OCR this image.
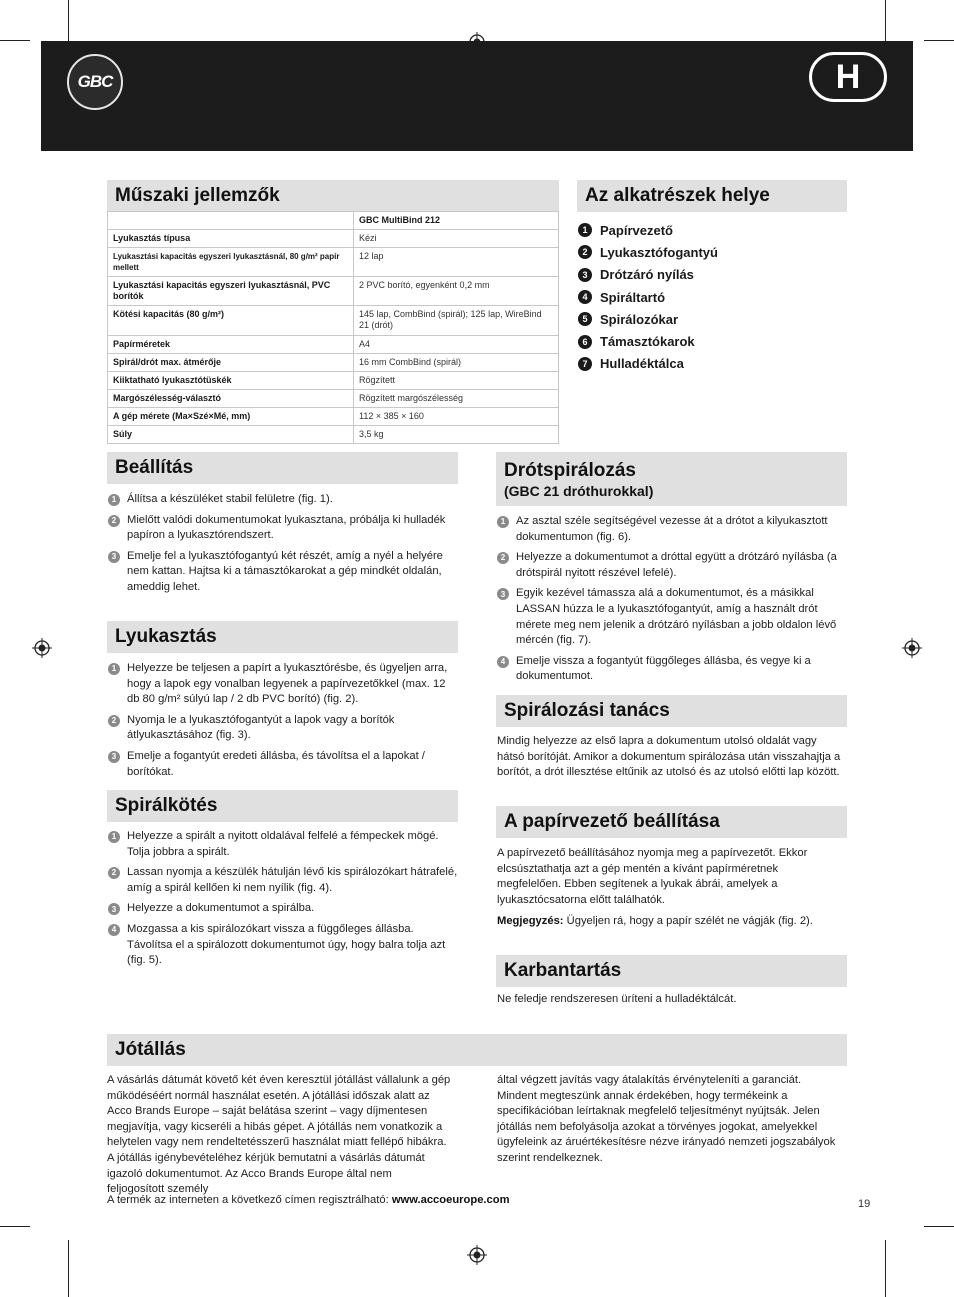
GBC	H
Műszaki jellemzők
	GBC MultiBind 212
Lyukasztás típusa	Kézi
Lyukasztási kapacitás egyszeri lyukasztásnál, 80 g/m² papír mellett	12 lap
Lyukasztási kapacitás egyszeri lyukasztásnál, PVC borítók	2 PVC borító, egyenként 0,2 mm
Kötési kapacitás (80 g/m²)	145 lap, CombBind (spirál); 125 lap, WireBind 21 (drót)
Papírméretek	A4
Spirál/drót max. átmérője	16 mm CombBind (spirál)
Kiiktatható lyukasztótüskék	Rögzített
Margószélesség-választó	Rögzített margószélesség
A gép mérete (Ma×Szé×Mé, mm)	112 × 385 × 160
Súly	3,5 kg
Az alkatrészek helye
1 Papírvezető
2 Lyukasztófogantyú
3 Drótzáró nyílás
4 Spiráltartó
5 Spirálozókar
6 Támasztókarok
7 Hulladéktálca
Beállítás
1 Állítsa a készüléket stabil felületre (fig. 1).
2 Mielőtt valódi dokumentumokat lyukasztana, próbálja ki hulladék papíron a lyukasztórendszert.
3 Emelje fel a lyukasztófogantyú két részét, amíg a nyél a helyére nem kattan. Hajtsa ki a támasztókarokat a gép mindkét oldalán, ameddig lehet.
Lyukasztás
1 Helyezze be teljesen a papírt a lyukasztórésbe, és ügyeljen arra, hogy a lapok egy vonalban legyenek a papírvezetőkkel (max. 12 db 80 g/m² súlyú lap / 2 db PVC borító) (fig. 2).
2 Nyomja le a lyukasztófogantyút a lapok vagy a borítók átlyukasztásához (fig. 3).
3 Emelje a fogantyút eredeti állásba, és távolítsa el a lapokat / borítókat.
Spirálkötés
1 Helyezze a spirált a nyitott oldalával felfelé a fémpeckek mögé. Tolja jobbra a spirált.
2 Lassan nyomja a készülék hátulján lévő kis spirálozókart hátrafelé, amíg a spirál kellően ki nem nyílik (fig. 4).
3 Helyezze a dokumentumot a spirálba.
4 Mozgassa a kis spirálozókart vissza a függőleges állásba. Távolítsa el a spirálozott dokumentumot úgy, hogy balra tolja azt (fig. 5).
Drótspirálozás
(GBC 21 dróthurokkal)
1 Az asztal széle segítségével vezesse át a drótot a kilyukasztott dokumentumon (fig. 6).
2 Helyezze a dokumentumot a dróttal együtt a drótzáró nyílásba (a drótspirál nyitott részével lefelé).
3 Egyik kezével támassza alá a dokumentumot, és a másikkal LASSAN húzza le a lyukasztófogantyút, amíg a használt drót mérete meg nem jelenik a drótzáró nyílásban a jobb oldalon lévő mércén (fig. 7).
4 Emelje vissza a fogantyút függőleges állásba, és vegye ki a dokumentumot.
Spirálozási tanács

Mindig helyezze az első lapra a dokumentum utolsó oldalát vagy hátsó borítóját. Amikor a dokumentum spirálozása után visszahajtja a borítót, a drót illesztése eltűnik az utolsó és az utolsó előtti lap között.

A papírvezető beállítása

A papírvezető beállításához nyomja meg a papírvezetőt. Ekkor elcsúsztathatja azt a gép mentén a kívánt papírméretnek megfelelően. Ebben segítenek a lyukak ábrái, amelyek a lyukasztócsatorna előtt találhatók.

Megjegyzés: Ügyeljen rá, hogy a papír szélét ne vágják (fig. 2).

Karbantartás

Ne feledje rendszeresen üríteni a hulladéktálcát.

Jótállás

A vásárlás dátumát követő két éven keresztül jótállást vállalunk a gép működéséért normál használat esetén. A jótállási időszak alatt az Acco Brands Europe – saját belátása szerint – vagy díjmentesen megjavítja, vagy kicseréli a hibás gépet. A jótállás nem vonatkozik a helytelen vagy nem rendeltetésszerű használat miatt fellépő hibákra. A jótállás igénybevételéhez kérjük bemutatni a vásárlás dátumát igazoló dokumentumot. Az Acco Brands Europe által nem feljogosított személy

által végzett javítás vagy átalakítás érvényteleníti a garanciát. Mindent megteszünk annak érdekében, hogy termékeink a specifikációban leírtaknak megfelelő teljesítményt nyújtsák. Jelen jótállás nem befolyásolja azokat a törvényes jogokat, amelyekkel ügyfeleink az áruértékesítésre nézve irányadó nemzeti jogszabályok szerint rendelkeznek.

A termék az interneten a következő címen regisztrálható: www.accoeurope.com	19
